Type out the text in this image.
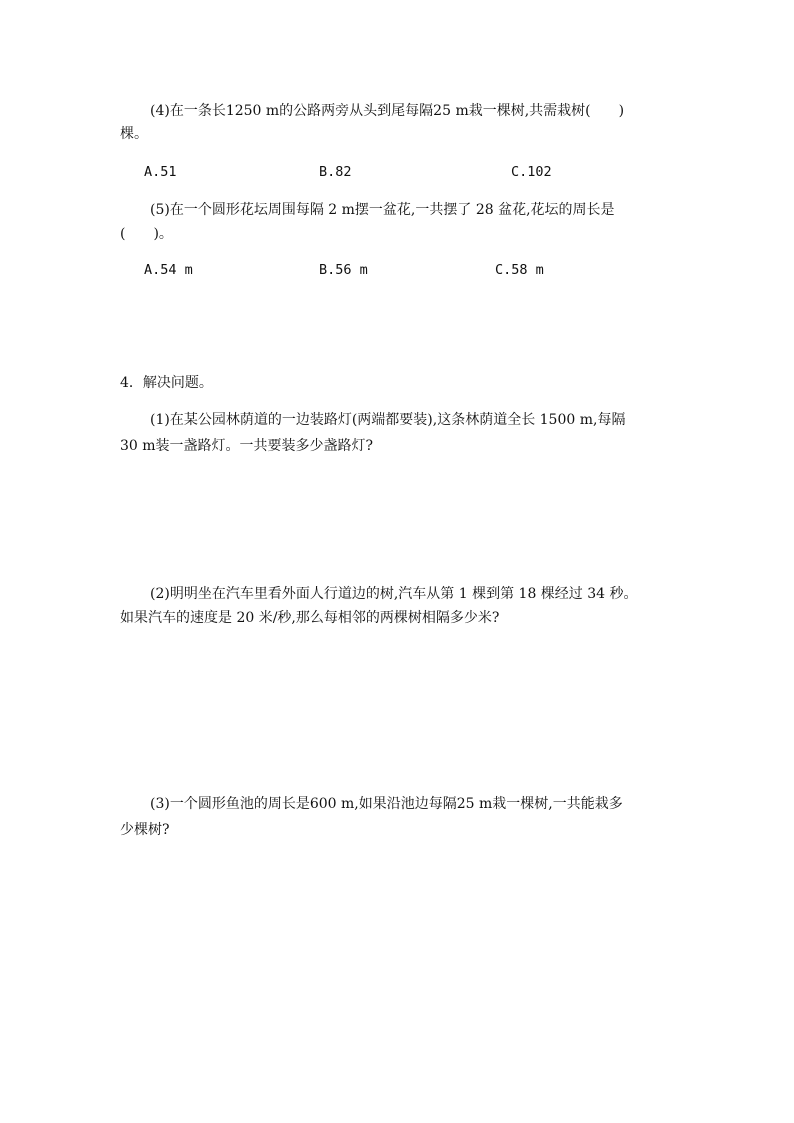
(4)在一条长1250 m的公路两旁从头到尾每隔25 m栽一棵树,共需栽树(　　)
棵。
A.51	B.82	C.102
(5)在一个圆形花坛周围每隔 2 m摆一盆花,一共摆了 28 盆花,花坛的周长是
(　　)。
A.54 m	B.56 m	C.58 m
4．解决问题。
(1)在某公园林荫道的一边装路灯(两端都要装),这条林荫道全长 1500 m,每隔
30 m装一盏路灯。一共要装多少盏路灯?
(2)明明坐在汽车里看外面人行道边的树,汽车从第 1 棵到第 18 棵经过 34 秒。
如果汽车的速度是 20 米/秒,那么每相邻的两棵树相隔多少米?
(3)一个圆形鱼池的周长是600 m,如果沿池边每隔25 m栽一棵树,一共能栽多
少棵树?
